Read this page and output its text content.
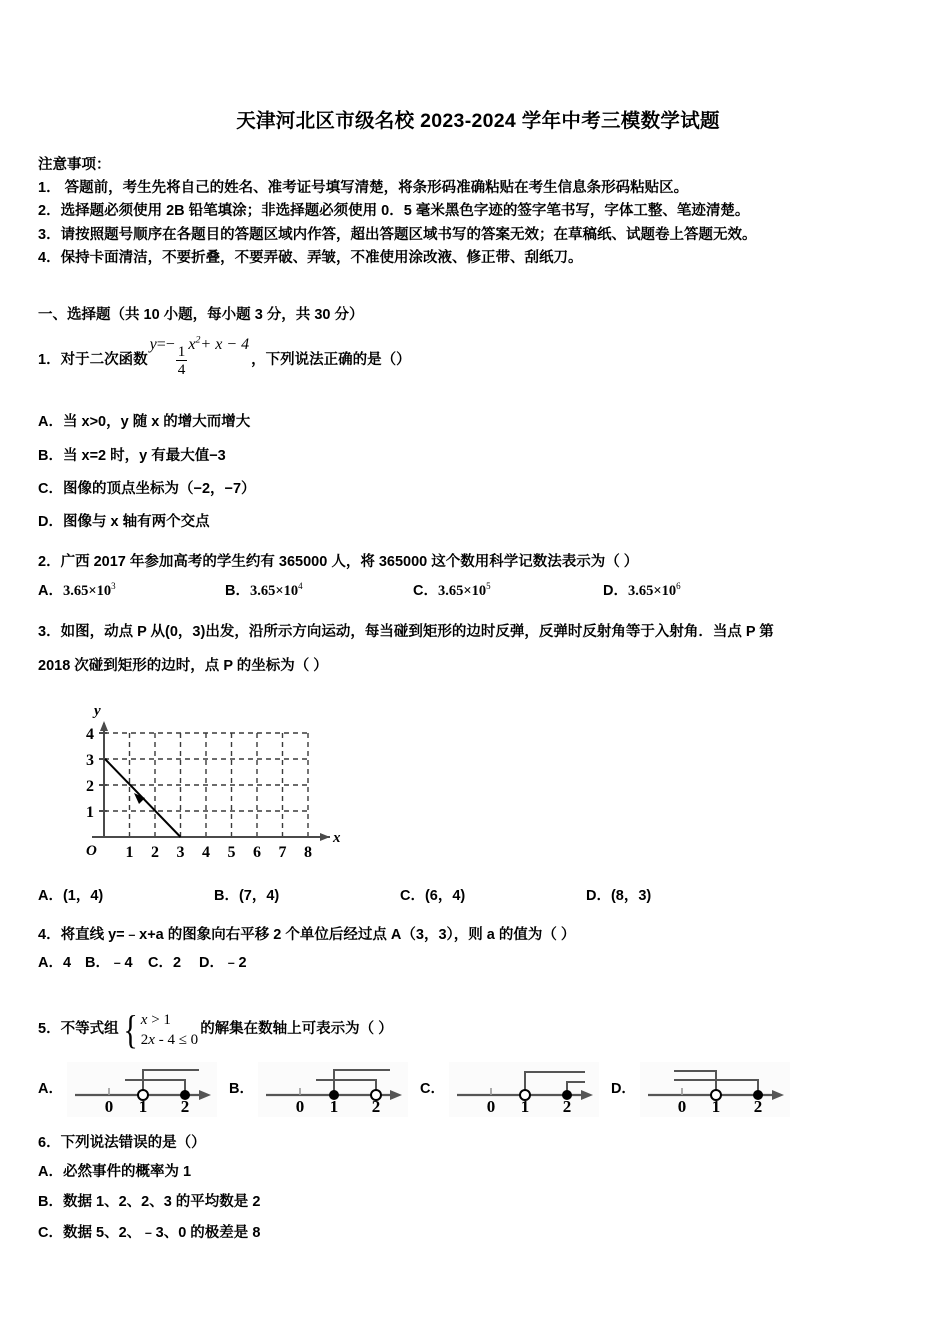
天津河北区市级名校 2023-2024 学年中考三模数学试题
注意事项：
1． 答题前，考生先将自己的姓名、准考证号填写清楚，将条形码准确粘贴在考生信息条形码粘贴区。
2．选择题必须使用 2B 铅笔填涂；非选择题必须使用 0．5 毫米黑色字迹的签字笔书写，字体工整、笔迹清楚。
3．请按照题号顺序在各题目的答题区域内作答，超出答题区域书写的答案无效；在草稿纸、试题卷上答题无效。
4．保持卡面清洁，不要折叠，不要弄破、弄皱，不准使用涂改液、修正带、刮纸刀。
一、选择题（共 10 小题，每小题 3 分，共 30 分）
1． 对于二次函数
$y=- \frac{1}{4} x^2+ x - 4$
，下列说法正确的是（）
A．当 x>0，y 随 x 的增大而增大
B．当 x=2 时，y 有最大值−3
C．图像的顶点坐标为（−2，−7）
D．图像与 x 轴有两个交点
2．广西 2017 年参加高考的学生约有 365000 人，将 365000 这个数用科学记数法表示为（ ）
A．$3.65\times 10^3$	B．$3.65\times 10^4$	C．$3.65\times 10^5$	D．$3.65\times 10^6$
3．如图，动点 P 从(0，3)出发，沿所示方向运动，每当碰到矩形的边时反弹，反弹时反射角等于入射角．当点 P 第
2018 次碰到矩形的边时，点 P 的坐标为（ ）
x
y
O 1 2 3 4 5 6 7 8
1
2
3
4
A．(1，4)	B．(7，4)	C．(6，4)	D．(8，3)
4．将直线 y=﹣x+a 的图象向右平移 2 个单位后经过点 A（3，3），则 a 的值为（ ）
A．4 B．﹣4	C．2	D．﹣2
5． 不等式组 { x > 1
2x - 4 ≤ 0
的解集在数轴上可表示为（ ）
A．
0 1 2
B．
0 1 2
C．
0 1 2
D．
0 1 2
6．下列说法错误的是（）
A．必然事件的概率为 1
B．数据 1、2、2、3 的平均数是 2
C．数据 5、2、﹣3、0 的极差是 8
